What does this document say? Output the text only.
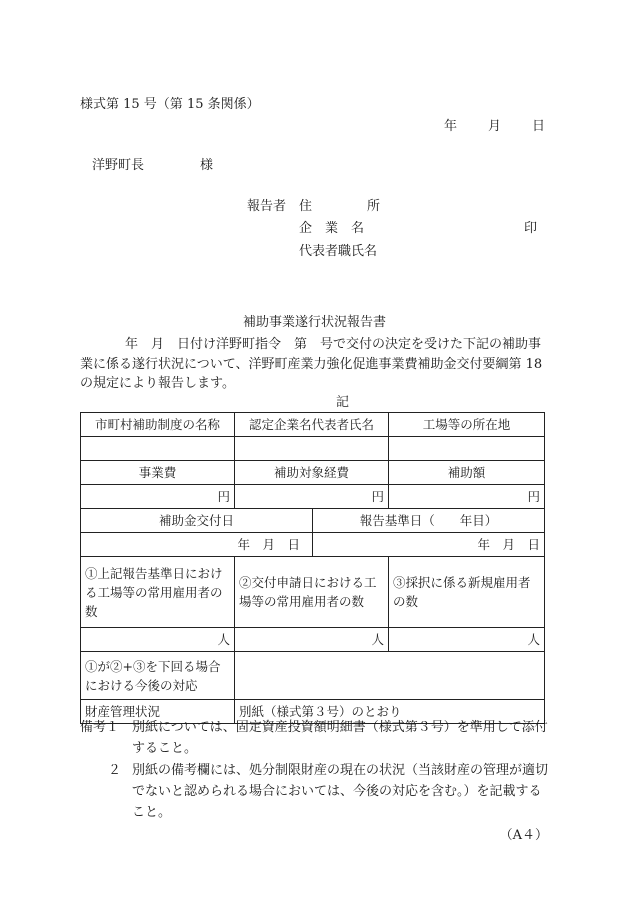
様式第 15 号（第 15 条関係）
年 月 日
洋野町長	様
報告者 住	所
企　業　名	印
代表者職氏名
補助事業遂行状況報告書
年　月　日付け洋野町指令　第　号で交付の決定を受けた下記の補助事
業に係る遂行状況について、洋野町産業力強化促進事業費補助金交付要綱第 18
の規定により報告します。
記
市町村補助制度の名称	認定企業名代表者氏名		工場等の所在地

事業費	補助対象経費		補助額
円	円		円
補助金交付日		報告基準日（　　年目）	
年　月　日		年　月　日	
①上記報告基準日における工場等の常用雇用者の数	②交付申請日における工場等の常用雇用者の数		③採択に係る新規雇用者の数
人	人		人
①が②+③を下回る場合における今後の対応			
財産管理状況	別紙（様式第３号）のとおり		
備考１ 別紙については、固定資産投資額明細書（様式第３号）を準用して添付すること。
２ 別紙の備考欄には、処分制限財産の現在の状況（当該財産の管理が適切でないと認められる場合においては、今後の対応を含む。）を記載すること。
（A４）
